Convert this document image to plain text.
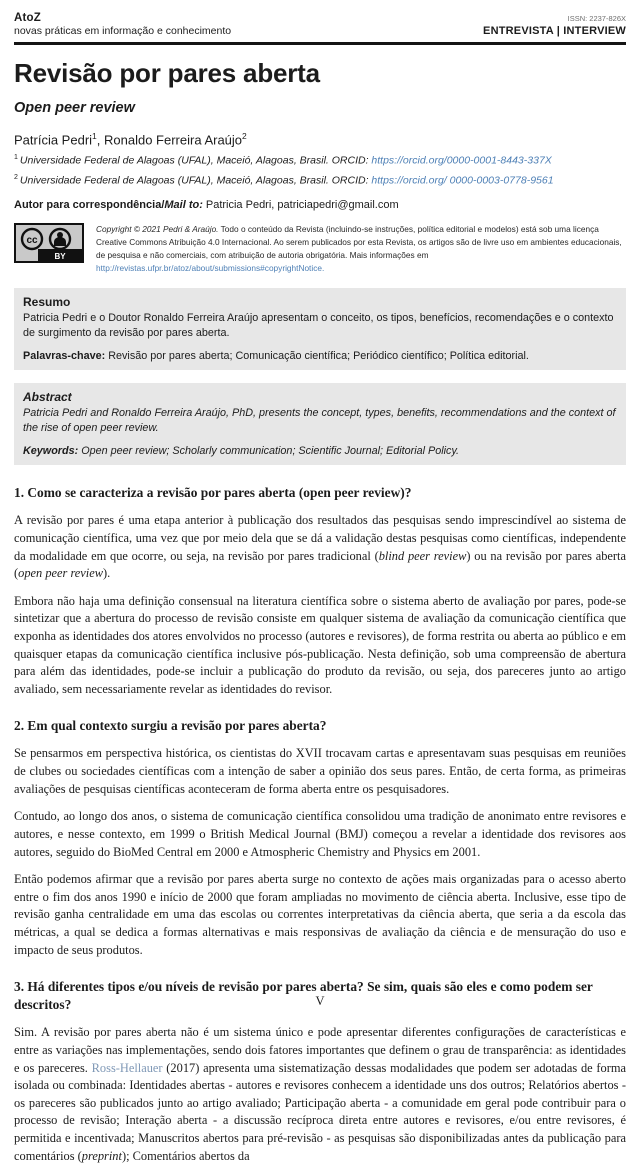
AtoZ
novas práticas em informação e conhecimento
ISSN: 2237-826X
ENTREVISTA | INTERVIEW
Revisão por pares aberta
Open peer review
Patrícia Pedri$^1$, Ronaldo Ferreira Araújo$^2$
$^1$ Universidade Federal de Alagoas (UFAL), Maceió, Alagoas, Brasil. ORCID: https://orcid.org/0000-0001-8443-337X
$^2$ Universidade Federal de Alagoas (UFAL), Maceió, Alagoas, Brasil. ORCID: https://orcid.org/ 0000-0003-0778-9561
Autor para correspondência/Mail to: Patricia Pedri, patriciapedri@gmail.com
cc
BY
Copyright © 2021 Pedri & Araújo. Todo o conteúdo da Revista (incluindo-se instruções, política editorial e modelos) está sob uma licença Creative Commons Atribuição 4.0 Internacional. Ao serem publicados por esta Revista, os artigos são de livre uso em ambientes educacionais, de pesquisa e não comerciais, com atribuição de autoria obrigatória. Mais informações em http://revistas.ufpr.br/atoz/about/submissions#copyrightNotice.
Resumo
Patricia Pedri e o Doutor Ronaldo Ferreira Araújo apresentam o conceito, os tipos, benefícios, recomendações e o contexto de surgimento da revisão por pares aberta.
Palavras-chave: Revisão por pares aberta; Comunicação científica; Periódico científico; Política editorial.
Abstract
Patricia Pedri and Ronaldo Ferreira Araújo, PhD, presents the concept, types, benefits, recommendations and the context of the rise of open peer review.
Keywords: Open peer review; Scholarly communication; Scientific Journal; Editorial Policy.
1. Como se caracteriza a revisão por pares aberta (open peer review)?

A revisão por pares é uma etapa anterior à publicação dos resultados das pesquisas sendo imprescindível ao sistema de comunicação científica, uma vez que por meio dela que se dá a validação destas pesquisas como científicas, independente da modalidade em que ocorre, ou seja, na revisão por pares tradicional (blind peer review) ou na revisão por pares aberta (open peer review).

Embora não haja uma definição consensual na literatura científica sobre o sistema aberto de avaliação por pares, pode-se sintetizar que a abertura do processo de revisão consiste em qualquer sistema de avaliação da comunicação científica que exponha as identidades dos atores envolvidos no processo (autores e revisores), de forma restrita ou aberta ao público e em quaisquer etapas da comunicação científica inclusive pós-publicação. Nesta definição, sob uma compreensão de abertura para além das identidades, pode-se incluir a publicação do produto da revisão, ou seja, dos pareceres junto ao artigo avaliado, sem necessariamente revelar as identidades do revisor.

2. Em qual contexto surgiu a revisão por pares aberta?

Se pensarmos em perspectiva histórica, os cientistas do XVII trocavam cartas e apresentavam suas pesquisas em reuniões de clubes ou sociedades científicas com a intenção de saber a opinião dos seus pares. Então, de certa forma, as primeiras avaliações de pesquisas científicas aconteceram de forma aberta entre os pesquisadores.

Contudo, ao longo dos anos, o sistema de comunicação científica consolidou uma tradição de anonimato entre revisores e autores, e nesse contexto, em 1999 o British Medical Journal (BMJ) começou a revelar a identidade dos revisores aos autores, seguido do BioMed Central em 2000 e Atmospheric Chemistry and Physics em 2001.

Então podemos afirmar que a revisão por pares aberta surge no contexto de ações mais organizadas para o acesso aberto entre o fim dos anos 1990 e início de 2000 que foram ampliadas no movimento de ciência aberta. Inclusive, esse tipo de revisão ganha centralidade em uma das escolas ou correntes interpretativas da ciência aberta, que seria a da escola das métricas, a qual se dedica a formas alternativas e mais responsivas de avaliação da ciência e de mensuração do uso e impacto de seus produtos.

3. Há diferentes tipos e/ou níveis de revisão por pares aberta? Se sim, quais são eles e como podem ser descritos?

Sim. A revisão por pares aberta não é um sistema único e pode apresentar diferentes configurações de características e entre as variações nas implementações, sendo dois fatores importantes que definem o grau de transparência: as identidades e os pareceres. Ross-Hellauer (2017) apresenta uma sistematização dessas modalidades que podem ser adotadas de forma isolada ou combinada: Identidades abertas - autores e revisores conhecem a identidade uns dos outros; Relatórios abertos - os pareceres são publicados junto ao artigo avaliado; Participação aberta - a comunidade em geral pode contribuir para o processo de revisão; Interação aberta - a discussão recíproca direta entre autores e revisores, e/ou entre revisores, é permitida e incentivada; Manuscritos abertos para pré-revisão - as pesquisas são disponibilizadas antes da publicação para comentários (preprint); Comentários abertos da

V
